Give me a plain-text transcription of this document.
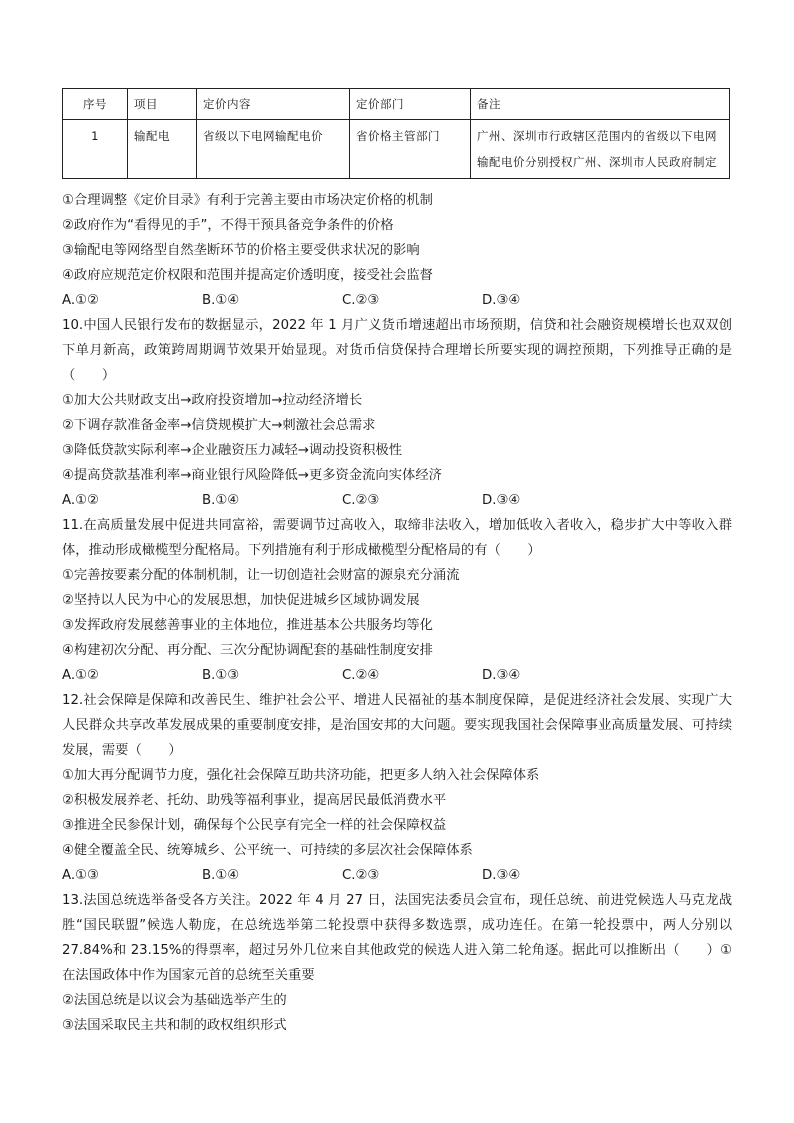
序号	项目	定价内容	定价部门	备注
1	输配电	省级以下电网输配电价	省价格主管部门	广州、深圳市行政辖区范围内的省级以下电网输配电价分别授权广州、深圳市人民政府制定
①合理调整《定价目录》有利于完善主要由市场决定价格的机制
②政府作为“看得见的手”，不得干预具备竞争条件的价格
③输配电等网络型自然垄断环节的价格主要受供求状况的影响
④政府应规范定价权限和范围并提高定价透明度，接受社会监督
A.①②	B.①④	C.②③	D.③④
10.中国人民银行发布的数据显示，2022 年 1 月广义货币增速超出市场预期，信贷和社会融资规模增长也双双创下单月新高，政策跨周期调节效果开始显现。对货币信贷保持合理增长所要实现的调控预期，下列推导正确的是（　　）
①加大公共财政支出→政府投资增加→拉动经济增长
②下调存款准备金率→信贷规模扩大→刺激社会总需求
③降低贷款实际利率→企业融资压力减轻→调动投资积极性
④提高贷款基准利率→商业银行风险降低→更多资金流向实体经济
A.①②	B.①④	C.②③	D.③④
11.在高质量发展中促进共同富裕，需要调节过高收入，取缔非法收入，增加低收入者收入，稳步扩大中等收入群体，推动形成橄榄型分配格局。下列措施有利于形成橄榄型分配格局的有（　　）
①完善按要素分配的体制机制，让一切创造社会财富的源泉充分涌流
②坚持以人民为中心的发展思想，加快促进城乡区域协调发展
③发挥政府发展慈善事业的主体地位，推进基本公共服务均等化
④构建初次分配、再分配、三次分配协调配套的基础性制度安排
A.①②	B.①③	C.②④	D.③④
12.社会保障是保障和改善民生、维护社会公平、增进人民福祉的基本制度保障，是促进经济社会发展、实现广大人民群众共享改革发展成果的重要制度安排，是治国安邦的大问题。要实现我国社会保障事业高质量发展、可持续发展，需要（　　）
①加大再分配调节力度，强化社会保障互助共济功能，把更多人纳入社会保障体系
②积极发展养老、托幼、助残等福利事业，提高居民最低消费水平
③推进全民参保计划，确保每个公民享有完全一样的社会保障权益
④健全覆盖全民、统筹城乡、公平统一、可持续的多层次社会保障体系
A.①③	B.①④	C.②③	D.③④
13.法国总统选举备受各方关注。2022 年 4 月 27 日，法国宪法委员会宣布，现任总统、前进党候选人马克龙战胜“国民联盟”候选人勒庞，在总统选举第二轮投票中获得多数选票，成功连任。在第一轮投票中，两人分别以 27.84%和 23.15%的得票率，超过另外几位来自其他政党的候选人进入第二轮角逐。据此可以推断出（　　）①在法国政体中作为国家元首的总统至关重要
②法国总统是以议会为基础选举产生的
③法国采取民主共和制的政权组织形式
